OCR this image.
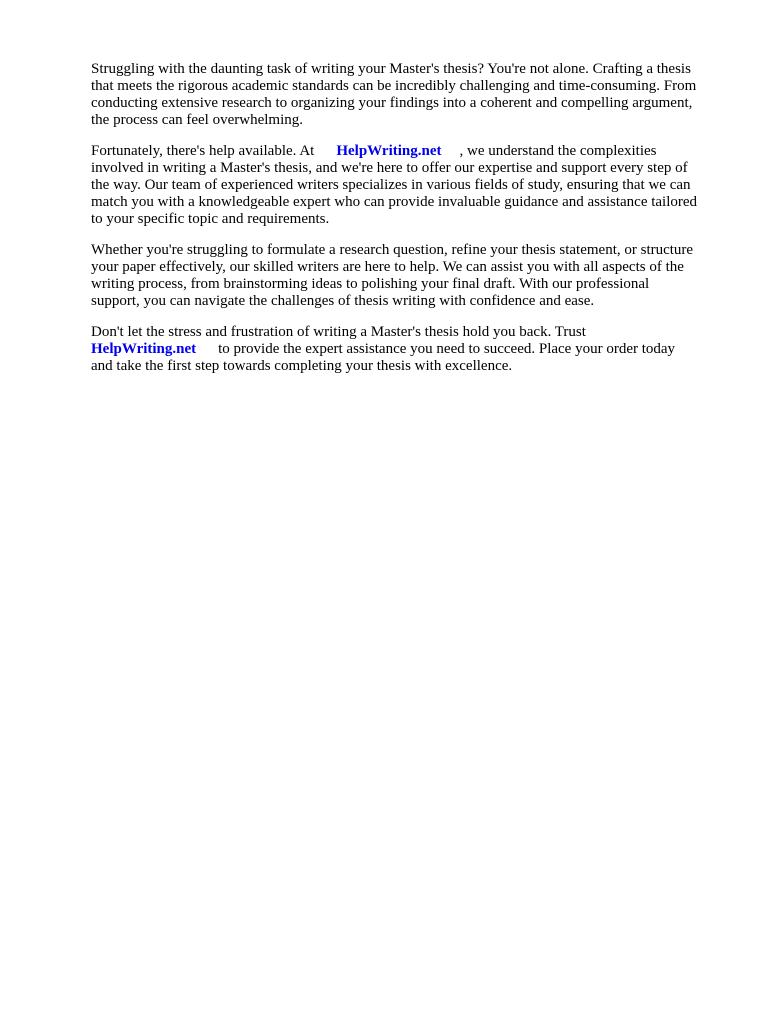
Struggling with the daunting task of writing your Master's thesis? You're not alone. Crafting a thesis
that meets the rigorous academic standards can be incredibly challenging and time-consuming. From
conducting extensive research to organizing your findings into a coherent and compelling argument,
the process can feel overwhelming.

Fortunately, there's help available. At HelpWriting.net , we understand the complexities
involved in writing a Master's thesis, and we're here to offer our expertise and support every step of
the way. Our team of experienced writers specializes in various fields of study, ensuring that we can
match you with a knowledgeable expert who can provide invaluable guidance and assistance tailored
to your specific topic and requirements.

Whether you're struggling to formulate a research question, refine your thesis statement, or structure
your paper effectively, our skilled writers are here to help. We can assist you with all aspects of the
writing process, from brainstorming ideas to polishing your final draft. With our professional
support, you can navigate the challenges of thesis writing with confidence and ease.

Don't let the stress and frustration of writing a Master's thesis hold you back. Trust
HelpWriting.net to provide the expert assistance you need to succeed. Place your order today
and take the first step towards completing your thesis with excellence.
